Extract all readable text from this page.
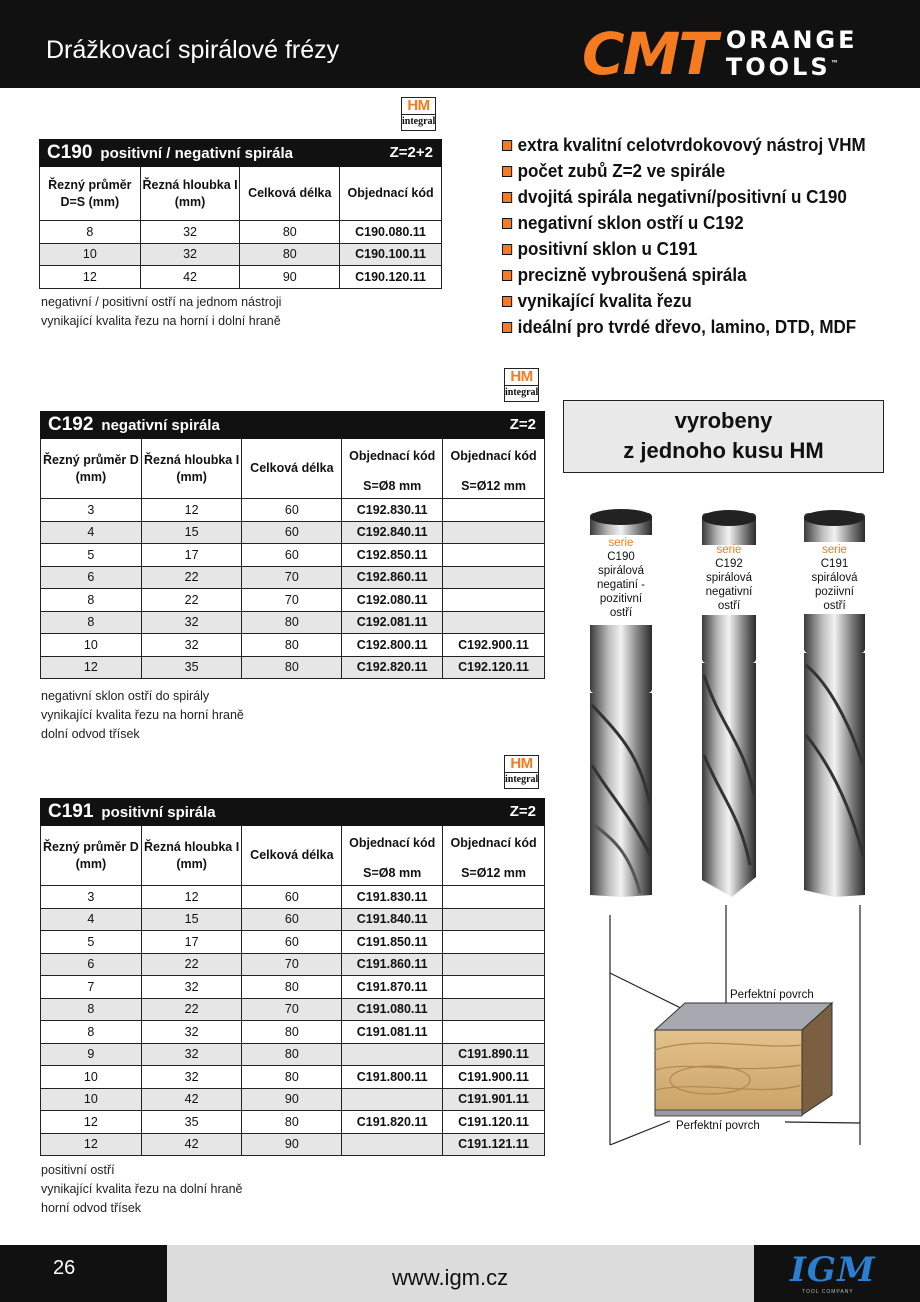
Drážkovací spirálové frézy	CMT ORANGE
TOOLS™
HM
integral
HM
integral
HM
integral
C190 positivní / negativní spirála Z=2+2			

Řezný průměr D=S (mm)	Řezná hloubka I (mm)	Celková délka	Objednací kód
8	32	80	C190.080.11
10	32	80	C190.100.11
12	42	90	C190.120.11
negativní / positivní ostří na jednom nástroji
vynikající kvalita řezu na horní i dolní hraně
extra kvalitní celotvrdokovový nástroj VHM
počet zubů Z=2 ve spirále
dvojitá spirála negativní/positivní u C190
negativní sklon ostří u C192
positivní sklon u C191
precizně vybroušená spirála
vynikající kvalita řezu
ideální pro tvrdé dřevo, lamino, DTD, MDF
C192 negativní spirála Z=2				

Řezný průměr D (mm)	Řezná hloubka I (mm)	Celková délka	Objednací kód	Objednací kód
			S=Ø8 mm	S=Ø12 mm
3	12	60	C192.830.11	
4	15	60	C192.840.11	
5	17	60	C192.850.11	
6	22	70	C192.860.11	
8	22	70	C192.080.11	
8	32	80	C192.081.11	
10	32	80	C192.800.11	C192.900.11
12	35	80	C192.820.11	C192.120.11
negativní sklon ostří do spirály
vynikající kvalita řezu na horní hraně
dolní odvod třísek
C191 positivní spirála Z=2				

Řezný průměr D (mm)	Řezná hloubka I (mm)	Celková délka	Objednací kód	Objednací kód
			S=Ø8 mm	S=Ø12 mm
3	12	60	C191.830.11	
4	15	60	C191.840.11	
5	17	60	C191.850.11	
6	22	70	C191.860.11	
7	32	80	C191.870.11	
8	22	70	C191.080.11	
8	32	80	C191.081.11	
9	32	80		C191.890.11
10	32	80	C191.800.11	C191.900.11
10	42	90		C191.901.11
12	35	80	C191.820.11	C191.120.11
12	42	90		C191.121.11
positivní ostří
vynikající kvalita řezu na dolní hraně
horní odvod třísek
vyrobeny
z jednoho kusu HM
serie
C190
spirálová
negatiní -
pozitivní
ostří
serie
C192
spirálová
negativní
ostří
serie
C191
spirálová
poziivní
ostří
Perfektní povrch
Perfektní povrch
26	www.igm.cz	IGM
TOOL COMPANY
